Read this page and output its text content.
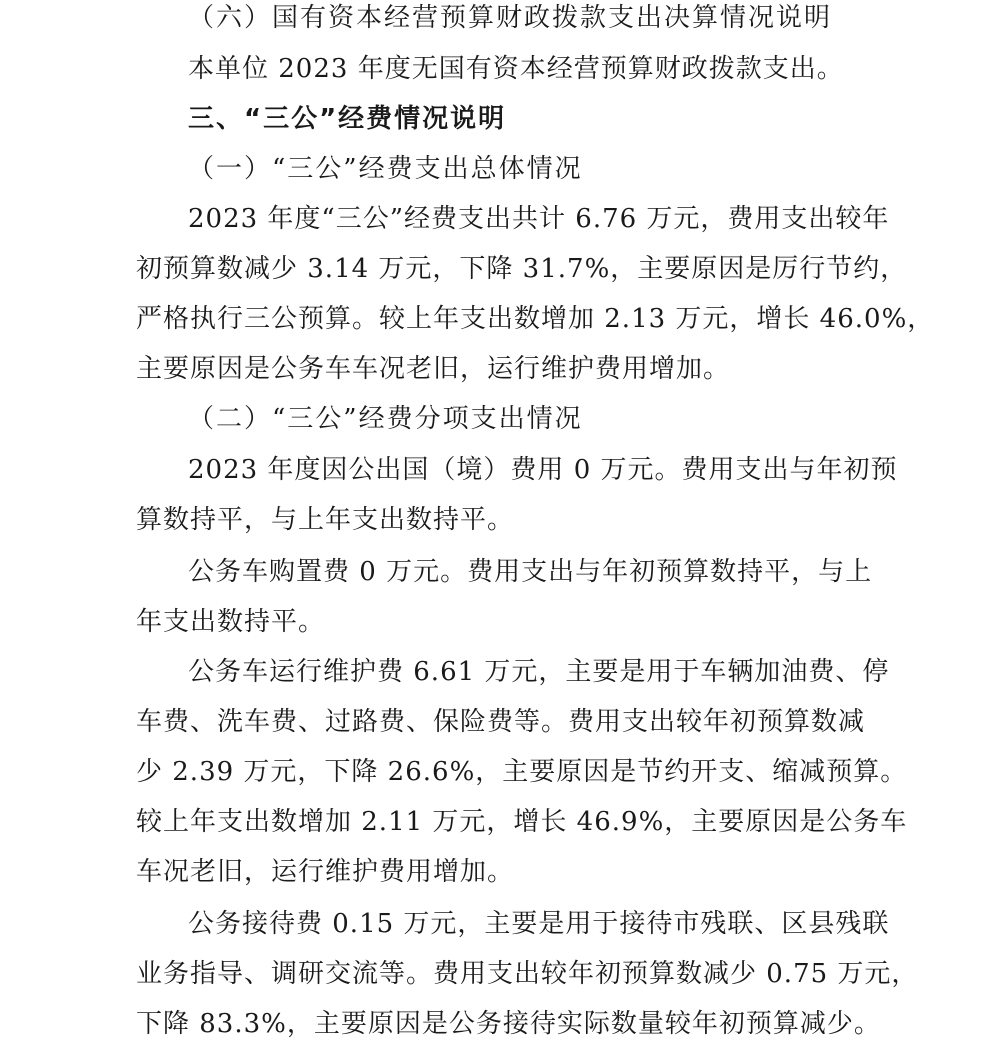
（六）国有资本经营预算财政拨款支出决算情况说明
本单位 2023 年度无国有资本经营预算财政拨款支出。
三、“三公”经费情况说明
（一）“三公”经费支出总体情况
2023 年度“三公”经费支出共计 6.76 万元，费用支出较年
初预算数减少 3.14 万元，下降 31.7%，主要原因是厉行节约，
严格执行三公预算。较上年支出数增加 2.13 万元，增长 46.0%，
主要原因是公务车车况老旧，运行维护费用增加。
（二）“三公”经费分项支出情况
2023 年度因公出国（境）费用 0 万元。费用支出与年初预
算数持平，与上年支出数持平。
公务车购置费 0 万元。费用支出与年初预算数持平，与上
年支出数持平。
公务车运行维护费 6.61 万元，主要是用于车辆加油费、停
车费、洗车费、过路费、保险费等。费用支出较年初预算数减
少 2.39 万元，下降 26.6%，主要原因是节约开支、缩减预算。
较上年支出数增加 2.11 万元，增长 46.9%，主要原因是公务车
车况老旧，运行维护费用增加。
公务接待费 0.15 万元，主要是用于接待市残联、区县残联
业务指导、调研交流等。费用支出较年初预算数减少 0.75 万元，
下降 83.3%，主要原因是公务接待实际数量较年初预算减少。
